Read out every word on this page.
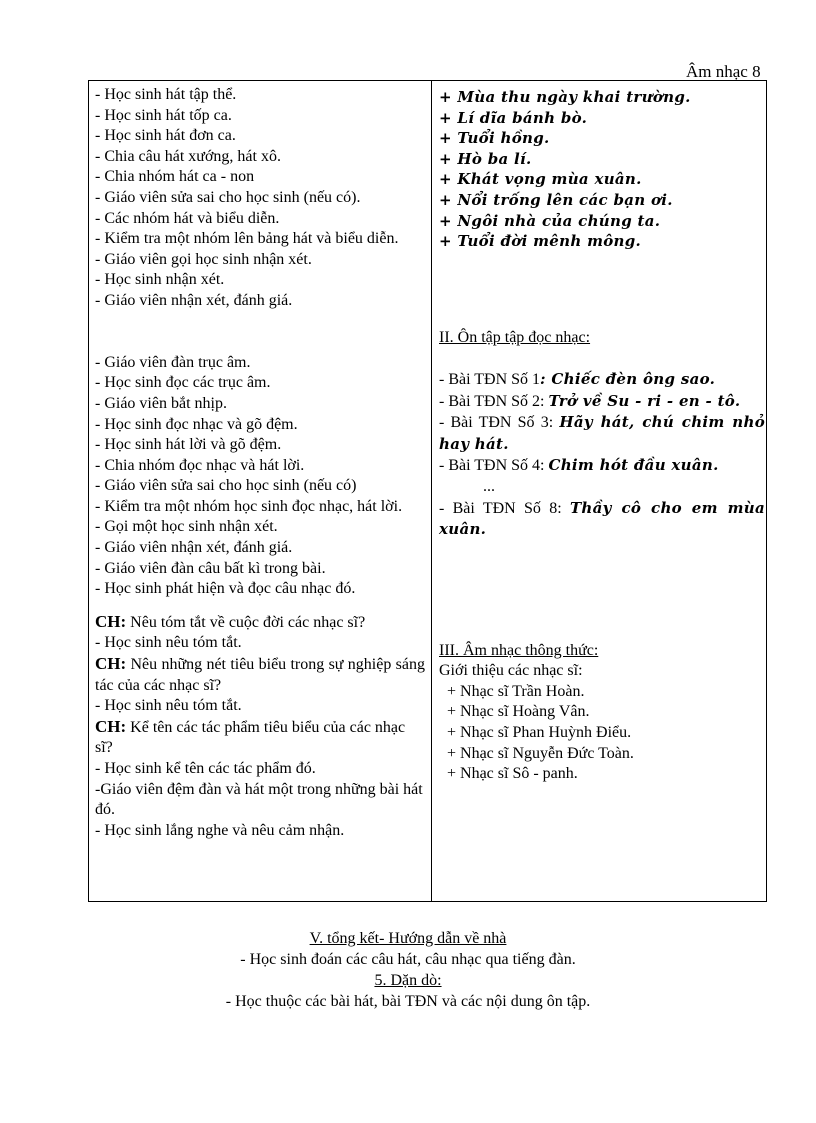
Âm nhạc 8
- Học sinh hát tập thể.
- Học sinh hát tốp ca.
- Học sinh hát đơn ca.
- Chia câu hát xướng, hát xô.
- Chia nhóm hát ca - non
- Giáo viên sửa sai cho học sinh (nếu có).
- Các nhóm hát và biểu diễn.
- Kiểm tra một nhóm lên bảng hát và biểu diễn.
- Giáo viên gọi học sinh nhận xét.
- Học sinh nhận xét.
- Giáo viên nhận xét, đánh giá.
- Giáo viên đàn trục âm.
- Học sinh đọc các trục âm.
- Giáo viên bắt nhịp.
- Học sinh đọc nhạc và gõ đệm.
- Học sinh hát lời và gõ đệm.
- Chia nhóm đọc nhạc và hát lời.
- Giáo viên sửa sai cho học sinh (nếu có)
- Kiểm tra một nhóm học sinh đọc nhạc, hát lời.
- Gọi một học sinh nhận xét.
- Giáo viên nhận xét, đánh giá.
- Giáo viên đàn câu bất kì trong bài.
- Học sinh phát hiện và đọc câu nhạc đó.
CH: Nêu tóm tắt về cuộc đời các nhạc sĩ?
- Học sinh nêu tóm tắt.
CH: Nêu những nét tiêu biểu trong sự nghiệp sáng tác của các nhạc sĩ?
- Học sinh nêu tóm tắt.
CH: Kể tên các tác phẩm tiêu biểu của các nhạc sĩ?
- Học sinh kể tên các tác phẩm đó.
-Giáo viên đệm đàn và hát một trong những bài hát đó.
- Học sinh lắng nghe và nêu cảm nhận.
+ Mùa thu ngày khai trường.
+ Lí dĩa bánh bò.
+ Tuổi hồng.
+ Hò ba lí.
+ Khát vọng mùa xuân.
+ Nổi trống lên các bạn ơi.
+ Ngôi nhà của chúng ta.
+ Tuổi đời mênh mông.
II. Ôn tập tập đọc nhạc:
- Bài TĐN Số 1: Chiếc đèn ông sao.
- Bài TĐN Số 2: Trở về Su - ri - en - tô.
- Bài TĐN Số 3: Hãy hát, chú chim nhỏ hay hát.
- Bài TĐN Số 4: Chim hót đầu xuân.
...
- Bài TĐN Số 8: Thầy cô cho em mùa xuân.
III. Âm nhạc thông thức:
Giới thiệu các nhạc sĩ:
+ Nhạc sĩ Trần Hoàn.
+ Nhạc sĩ Hoàng Vân.
+ Nhạc sĩ Phan Huỳnh Điểu.
+ Nhạc sĩ Nguyễn Đức Toàn.
+ Nhạc sĩ Sô - panh.
V. tổng kết- Hướng dẫn về nhà
- Học sinh đoán các câu hát, câu nhạc qua tiếng đàn.
5. Dặn dò:
- Học thuộc các bài hát, bài TĐN và các nội dung ôn tập.
